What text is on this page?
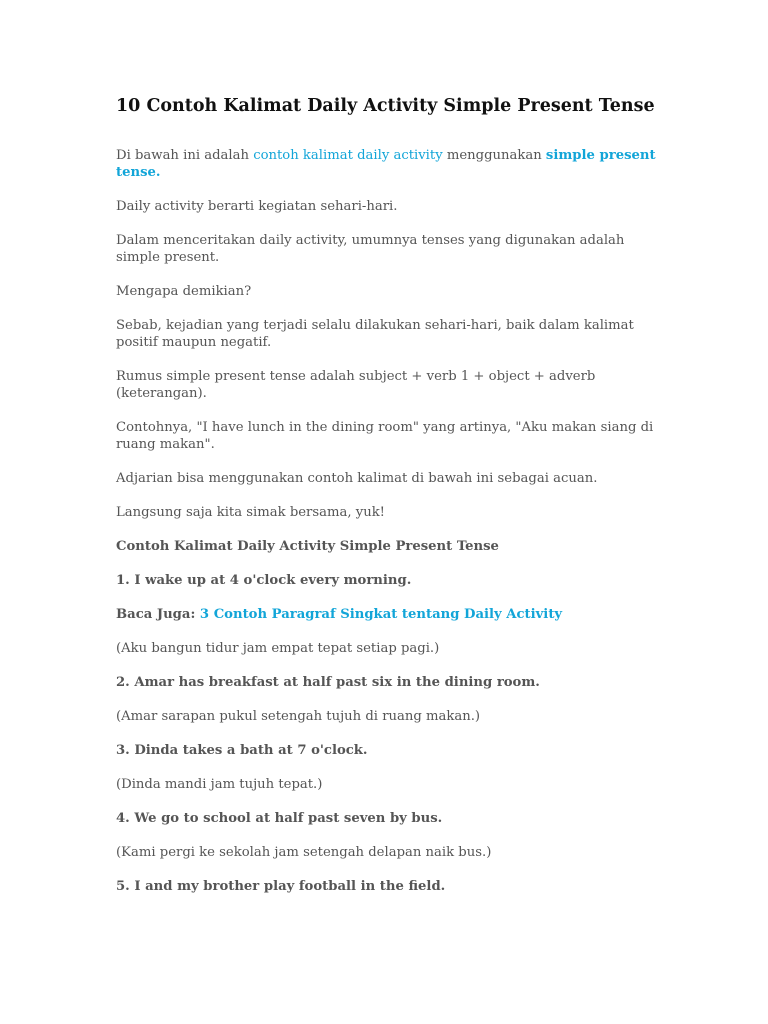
10 Contoh Kalimat Daily Activity Simple Present Tense

Di bawah ini adalah contoh kalimat daily activity menggunakan simple present tense.

Daily activity berarti kegiatan sehari-hari.

Dalam menceritakan daily activity, umumnya tenses yang digunakan adalah simple present.

Mengapa demikian?

Sebab, kejadian yang terjadi selalu dilakukan sehari-hari, baik dalam kalimat positif maupun negatif.

Rumus simple present tense adalah subject + verb 1 + object + adverb (keterangan).

Contohnya, "I have lunch in the dining room" yang artinya, "Aku makan siang di ruang makan".

Adjarian bisa menggunakan contoh kalimat di bawah ini sebagai acuan.

Langsung saja kita simak bersama, yuk!

Contoh Kalimat Daily Activity Simple Present Tense

1. I wake up at 4 o'clock every morning.

Baca Juga: 3 Contoh Paragraf Singkat tentang Daily Activity

(Aku bangun tidur jam empat tepat setiap pagi.)

2. Amar has breakfast at half past six in the dining room.

(Amar sarapan pukul setengah tujuh di ruang makan.)

3. Dinda takes a bath at 7 o'clock.

(Dinda mandi jam tujuh tepat.)

4. We go to school at half past seven by bus.

(Kami pergi ke sekolah jam setengah delapan naik bus.)

5. I and my brother play football in the field.
